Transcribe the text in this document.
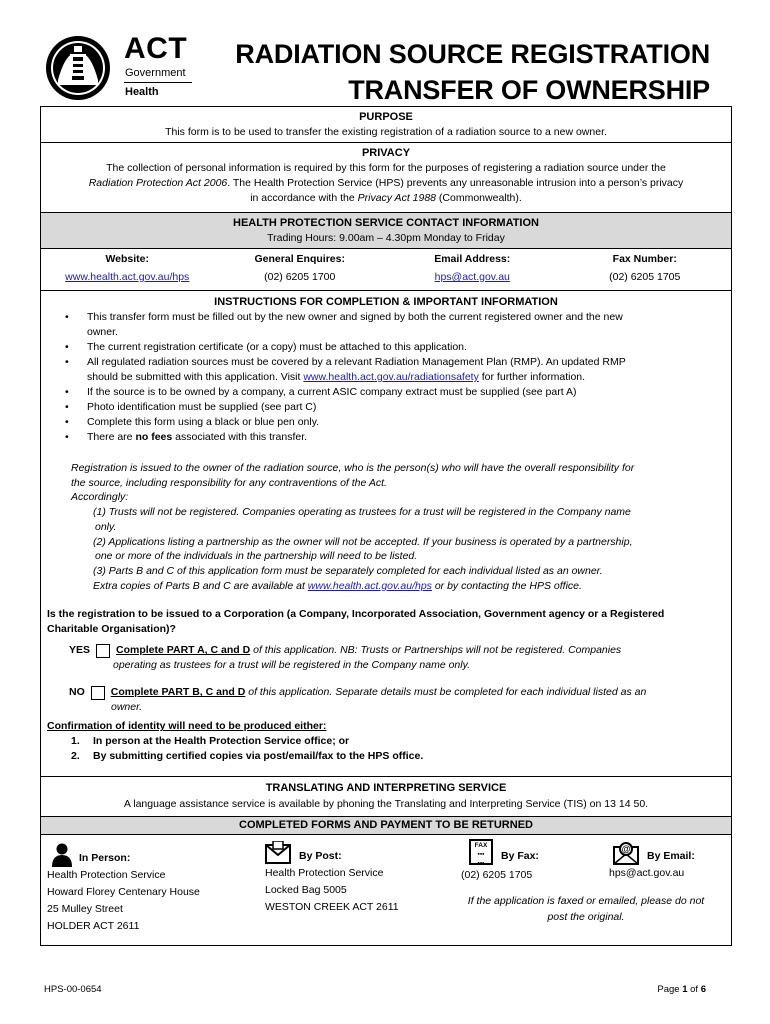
ACT
Government
Health
RADIATION SOURCE REGISTRATION
TRANSFER OF OWNERSHIP
PURPOSE
This form is to be used to transfer the existing registration of a radiation source to a new owner.
PRIVACY
The collection of personal information is required by this form for the purposes of registering a radiation source under the
Radiation Protection Act 2006. The Health Protection Service (HPS) prevents any unreasonable intrusion into a person’s privacy
in accordance with the Privacy Act 1988 (Commonwealth).
HEALTH PROTECTION SERVICE CONTACT INFORMATION
Trading Hours: 9.00am – 4.30pm Monday to Friday
Website:	General Enquires:	Email Address:	Fax Number:
www.health.act.gov.au/hps	(02) 6205 1700	hps@act.gov.au	(02) 6205 1705
INSTRUCTIONS FOR COMPLETION & IMPORTANT INFORMATION
• This transfer form must be filled out by the new owner and signed by both the current registered owner and the new
owner.
• The current registration certificate (or a copy) must be attached to this application.
• All regulated radiation sources must be covered by a relevant Radiation Management Plan (RMP). An updated RMP
should be submitted with this application. Visit www.health.act.gov.au/radiationsafety for further information.
• If the source is to be owned by a company, a current ASIC company extract must be supplied (see part A)
• Photo identification must be supplied (see part C)
• Complete this form using a black or blue pen only.
• There are no fees associated with this transfer.
Registration is issued to the owner of the radiation source, who is the person(s) who will have the overall responsibility for
the source, including responsibility for any contraventions of the Act.
Accordingly:
(1) Trusts will not be registered. Companies operating as trustees for a trust will be registered in the Company name
only.
(2) Applications listing a partnership as the owner will not be accepted. If your business is operated by a partnership,
one or more of the individuals in the partnership will need to be listed.
(3) Parts B and C of this application form must be separately completed for each individual listed as an owner.
Extra copies of Parts B and C are available at www.health.act.gov.au/hps or by contacting the HPS office.
Is the registration to be issued to a Corporation (a Company, Incorporated Association, Government agency or a Registered
Charitable Organisation)?
YES Complete PART A, C and D of this application. NB: Trusts or Partnerships will not be registered. Companies
operating as trustees for a trust will be registered in the Company name only.
NO Complete PART B, C and D of this application. Separate details must be completed for each individual listed as an
owner.
Confirmation of identity will need to be produced either:
1. In person at the Health Protection Service office; or
2. By submitting certified copies via post/email/fax to the HPS office.
TRANSLATING AND INTERPRETING SERVICE
A language assistance service is available by phoning the Translating and Interpreting Service (TIS) on 13 14 50.
COMPLETED FORMS AND PAYMENT TO BE RETURNED
In Person:
Health Protection Service
Howard Florey Centenary House
25 Mulley Street
HOLDER ACT 2611
By Post:
Health Protection Service
Locked Bag 5005
WESTON CREEK ACT 2611
FAX
▪▪▪
▪▪▪By Fax:
(02) 6205 1705
@
By Email:
hps@act.gov.au
If the application is faxed or emailed, please do not
post the original.
HPS-00-0654	Page 1 of 6
